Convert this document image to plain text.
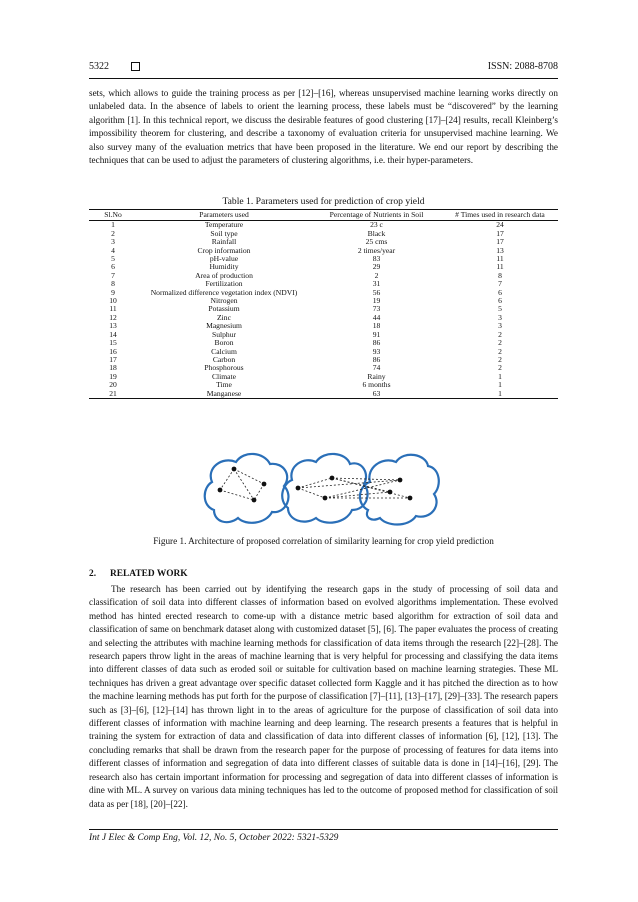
5322	ISSN: 2088-8708

sets, which allows to guide the training process as per [12]–[16], whereas unsupervised machine learning works directly on unlabeled data. In the absence of labels to orient the learning process, these labels must be “discovered” by the learning algorithm [1]. In this technical report, we discuss the desirable features of good clustering [17]–[24] results, recall Kleinberg’s impossibility theorem for clustering, and describe a taxonomy of evaluation criteria for unsupervised machine learning. We also survey many of the evaluation metrics that have been proposed in the literature. We end our report by describing the techniques that can be used to adjust the parameters of clustering algorithms, i.e. their hyper-parameters.

Table 1. Parameters used for prediction of crop yield
Sl.No	Parameters used	Percentage of Nutrients in Soil	# Times used in research data
1	Temperature	23 c	24
2	Soil type	Black	17
3	Rainfall	25 cms	17
4	Crop information	2 times/year	13
5	pH-value	83	11
6	Humidity	29	11
7	Area of production	2	8
8	Fertilization	31	7
9	Normalized difference vegetation index (NDVI)	56	6
10	Nitrogen	19	6
11	Potassium	73	5
12	Zinc	44	3
13	Magnesium	18	3
14	Sulphur	91	2
15	Boron	86	2
16	Calcium	93	2
17	Carbon	86	2
18	Phosphorous	74	2
19	Climate	Rainy	1
20	Time	6 months	1
21	Manganese	63	1
Figure 1. Architecture of proposed correlation of similarity learning for crop yield prediction
2. RELATED WORK

The research has been carried out by identifying the research gaps in the study of processing of soil data and classification of soil data into different classes of information based on evolved algorithms implementation. These evolved method has hinted erected research to come-up with a distance metric based algorithm for extraction of soil data and classification of same on benchmark dataset along with customized dataset [5], [6]. The paper evaluates the process of creating and selecting the attributes with machine learning methods for classification of data items through the research [22]–[28]. The research papers throw light in the areas of machine learning that is very helpful for processing and classifying the data items into different classes of data such as eroded soil or suitable for cultivation based on machine learning strategies. These ML techniques has driven a great advantage over specific dataset collected form Kaggle and it has pitched the direction as to how the machine learning methods has put forth for the purpose of classification [7]–[11], [13]–[17], [29]–[33]. The research papers such as [3]–[6], [12]–[14] has thrown light in to the areas of agriculture for the purpose of classification of soil data into different classes of information with machine learning and deep learning. The research presents a features that is helpful in training the system for extraction of data and classification of data into different classes of information [6], [12], [13]. The concluding remarks that shall be drawn from the research paper for the purpose of processing of features for data items into different classes of information and segregation of data into different classes of suitable data is done in [14]–[16], [29]. The research also has certain important information for processing and segregation of data into different classes of information is dine with ML. A survey on various data mining techniques has led to the outcome of proposed method for classification of soil data as per [18], [20]–[22].

Int J Elec & Comp Eng, Vol. 12, No. 5, October 2022: 5321-5329
